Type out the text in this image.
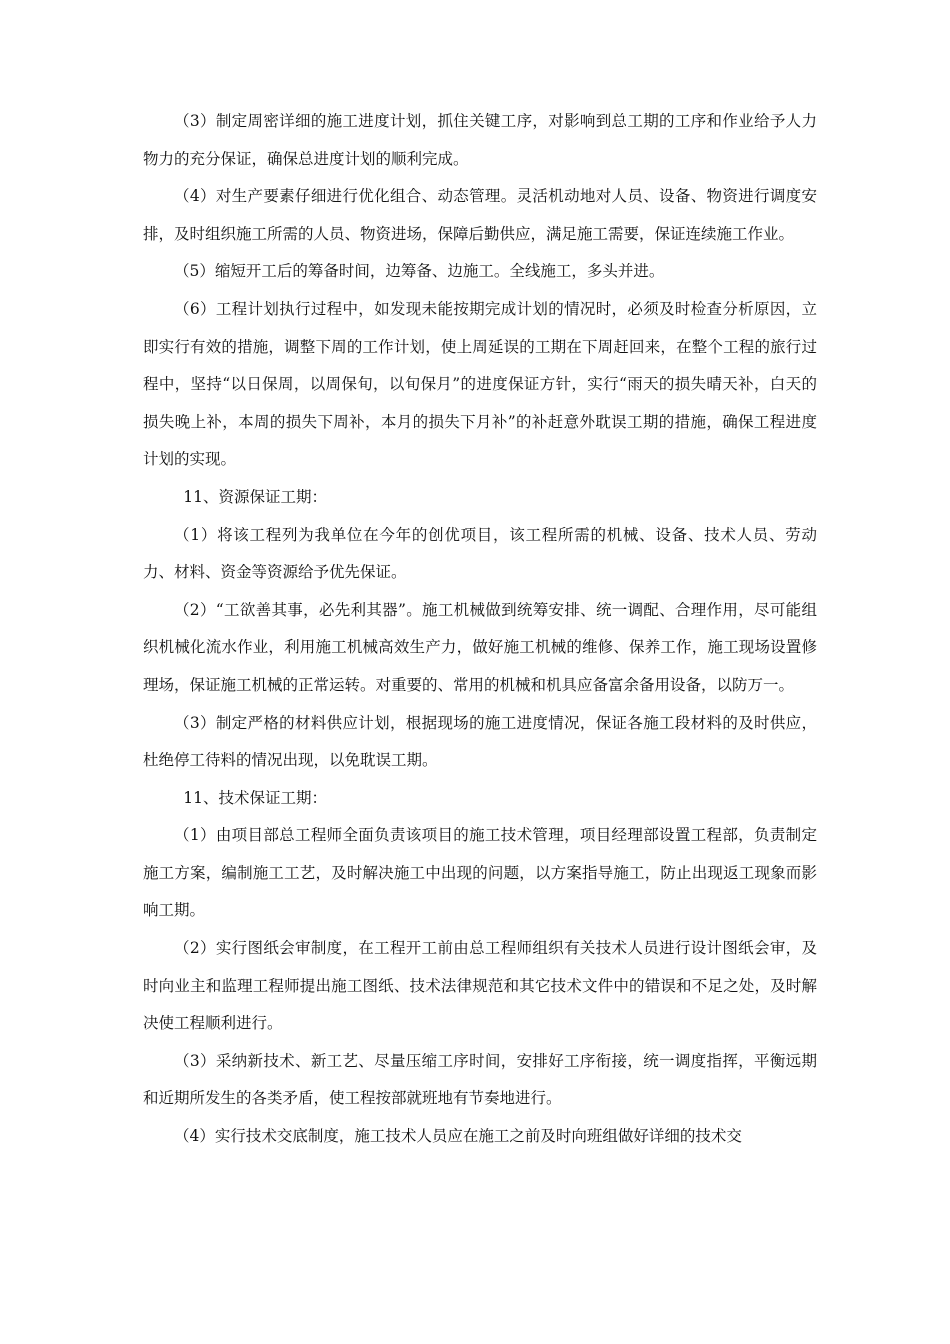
（3）制定周密详细的施工进度计划，抓住关键工序，对影响到总工期的工序和作业给予人力物力的充分保证，确保总进度计划的顺利完成。

（4）对生产要素仔细进行优化组合、动态管理。灵活机动地对人员、设备、物资进行调度安排，及时组织施工所需的人员、物资进场，保障后勤供应，满足施工需要，保证连续施工作业。

（5）缩短开工后的筹备时间，边筹备、边施工。全线施工，多头并进。

（6）工程计划执行过程中，如发现未能按期完成计划的情况时，必须及时检查分析原因，立即实行有效的措施，调整下周的工作计划，使上周延误的工期在下周赶回来，在整个工程的旅行过程中，坚持“以日保周，以周保旬，以旬保月”的进度保证方针，实行“雨天的损失晴天补，白天的损失晚上补，本周的损失下周补，本月的损失下月补”的补赶意外耽误工期的措施，确保工程进度计划的实现。

11、资源保证工期：

（1）将该工程列为我单位在今年的创优项目，该工程所需的机械、设备、技术人员、劳动力、材料、资金等资源给予优先保证。

（2）“工欲善其事，必先利其器”。施工机械做到统筹安排、统一调配、合理作用，尽可能组织机械化流水作业，利用施工机械高效生产力，做好施工机械的维修、保养工作，施工现场设置修理场，保证施工机械的正常运转。对重要的、常用的机械和机具应备富余备用设备，以防万一。

（3）制定严格的材料供应计划，根据现场的施工进度情况，保证各施工段材料的及时供应，杜绝停工待料的情况出现，以免耽误工期。

11、技术保证工期：

（1）由项目部总工程师全面负责该项目的施工技术管理，项目经理部设置工程部，负责制定施工方案，编制施工工艺，及时解决施工中出现的问题，以方案指导施工，防止出现返工现象而影响工期。

（2）实行图纸会审制度，在工程开工前由总工程师组织有关技术人员进行设计图纸会审，及时向业主和监理工程师提出施工图纸、技术法律规范和其它技术文件中的错误和不足之处，及时解决使工程顺利进行。

（3）采纳新技术、新工艺、尽量压缩工序时间，安排好工序衔接，统一调度指挥，平衡远期和近期所发生的各类矛盾，使工程按部就班地有节奏地进行。

（4）实行技术交底制度，施工技术人员应在施工之前及时向班组做好详细的技术交
